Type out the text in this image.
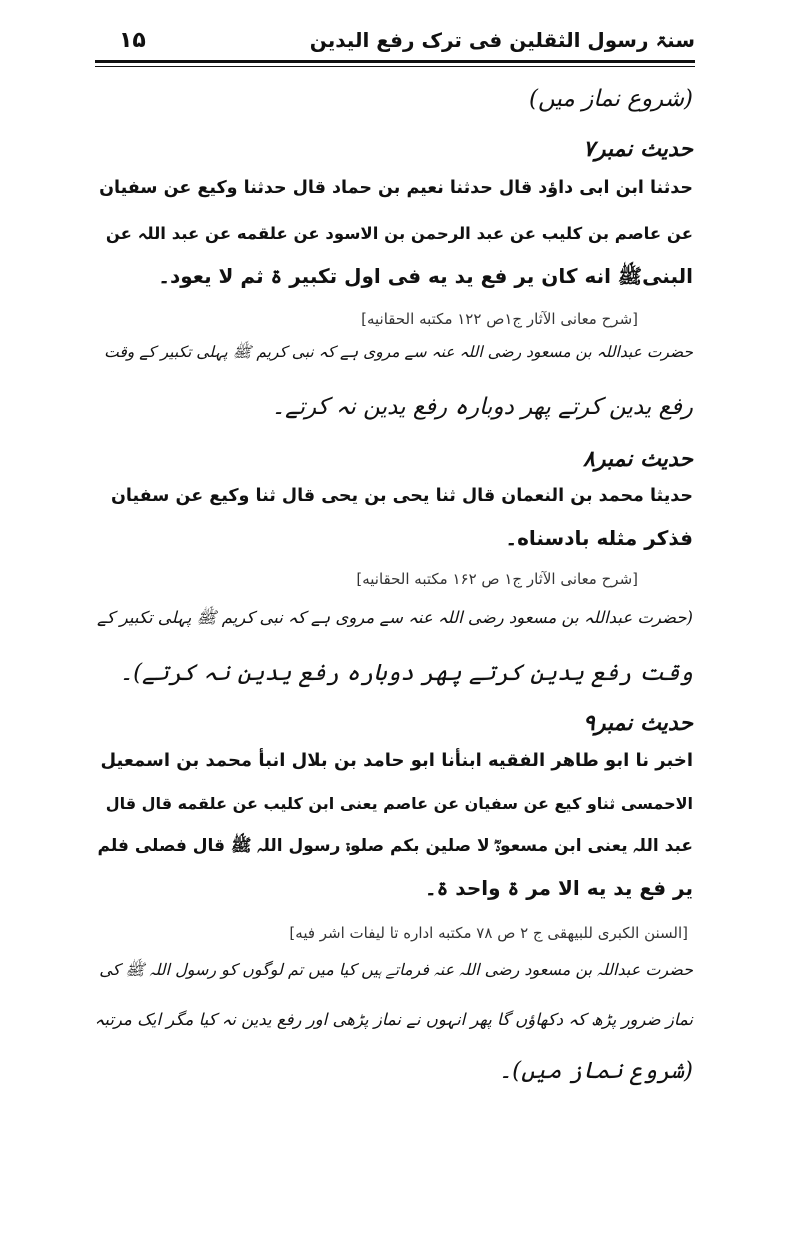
۱۵	سنۃ رسول الثقلین فی ترک رفع الیدین
(شروع نماز میں)
حدیث نمبر۷
حدثنا ابن ابی داؤد قال حدثنا نعیم بن حماد قال حدثنا وکیع عن سفیان
عن عاصم بن کلیب عن عبد الرحمن بن الاسود عن علقمه عن عبد اللہ عن
البنیﷺ انه کان یر فع ید یه فی اول تکبیر ۃ ثم لا یعود۔
[شرح معانی الآثار ج۱ص ۱۲۲ مکتبه الحقانیه]
حضرت عبداللہ بن مسعود رضی اللہ عنہ سے مروی ہے کہ نبی کریم ﷺ پہلی تکبیر کے وقت
رفع یدین کرتے پھر دوبارہ رفع یدین نہ کرتے۔
حدیث نمبر۸
حدیثا محمد بن النعمان قال ثنا یحی بن یحی قال ثنا وکیع عن سفیان
فذکر مثله بادسناه۔
[شرح معانی الآثار ج۱ ص ۱۶۲ مکتبه الحقانیه]
(حضرت عبداللہ بن مسعود رضی اللہ عنہ سے مروی ہے کہ نبی کریم ﷺ پہلی تکبیر کے
وقت رفع یدین کرتے پھر دوبارہ رفع یدین نہ کرتے)۔
حدیث نمبر۹
اخبر نا ابو طاهر الفقیه ابنأنا ابو حامد بن بلال انبأ محمد بن اسمعیل
الاحمسی ثناو کیع عن سفیان عن عاصم یعنی ابن کلیب عن علقمه قال قال
عبد اللہ یعنی ابن مسعودؓ لا صلین بکم صلوۃ رسول اللہ ﷺ قال فصلی فلم
یر فع ید یه الا مر ۃ واحد ۃ۔
[السنن الکبری للبیهقی ج ۲ ص ۷۸ مکتبه اداره تا لیفات اشر فیه]
حضرت عبداللہ بن مسعود رضی اللہ عنہ فرماتے ہیں کیا میں تم لوگوں کو رسول اللہ ﷺ کی
نماز ضرور پڑھ کہ دکھاؤں گا پھر انہوں نے نماز پڑھی اور رفع یدین نہ کیا مگر ایک مرتبہ
(شروع نماز میں)۔
